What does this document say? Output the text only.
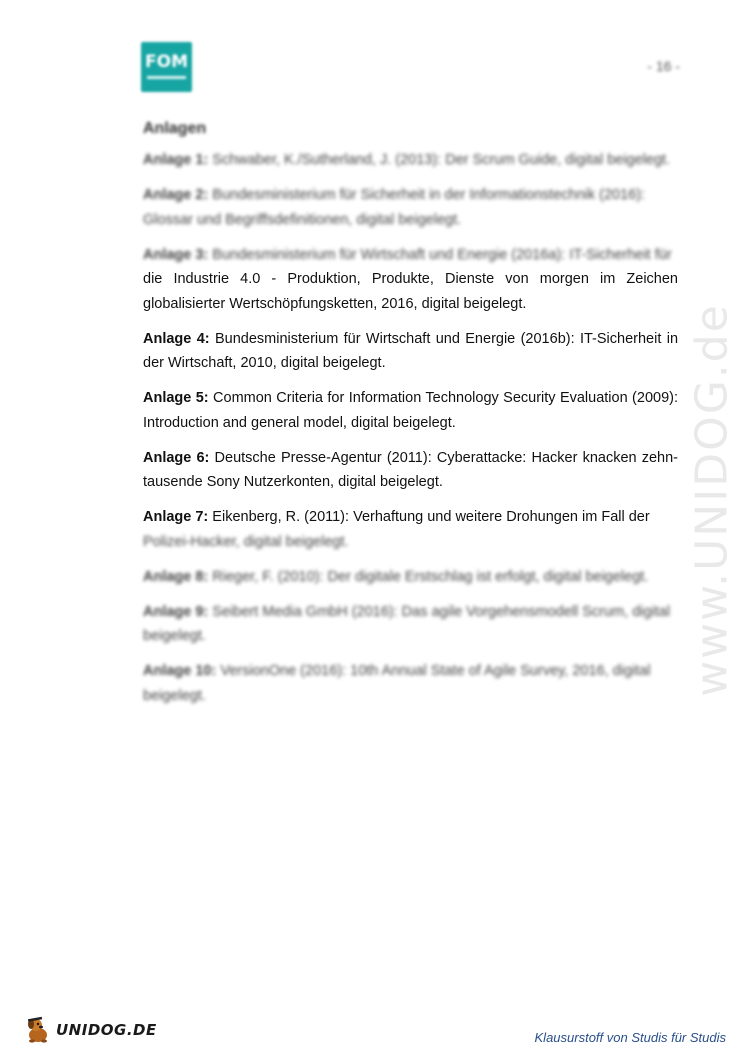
FOM	- 16 -
Anlagen
Anlage 1: Schwaber, K./Sutherland, J. (2013): Der Scrum Guide, digital beigelegt.
Anlage 2: Bundesministerium für Sicherheit in der Informationstechnik (2016):
Glossar und Begriffsdefinitionen, digital beigelegt.
Anlage 3: Bundesministerium für Wirtschaft und Energie (2016a): IT-Sicherheit für
die Industrie 4.0 - Produktion, Produkte, Dienste von morgen im Zeichen globalisierter Wertschöpfungsketten, 2016, digital beigelegt.
Anlage 4: Bundesministerium für Wirtschaft und Energie (2016b): IT-Sicherheit in der Wirtschaft, 2010, digital beigelegt.
Anlage 5: Common Criteria for Information Technology Security Evaluation (2009): Introduction and general model, digital beigelegt.
Anlage 6: Deutsche Presse-Agentur (2011): Cyberattacke: Hacker knacken zehn-tausende Sony Nutzerkonten, digital beigelegt.
Anlage 7: Eikenberg, R. (2011): Verhaftung und weitere Drohungen im Fall der
Polizei-Hacker, digital beigelegt.
Anlage 8: Rieger, F. (2010): Der digitale Erstschlag ist erfolgt, digital beigelegt.
Anlage 9: Seibert Media GmbH (2016): Das agile Vorgehensmodell Scrum, digital
beigelegt.
Anlage 10: VersionOne (2016): 10th Annual State of Agile Survey, 2016, digital
beigelegt.	www.UNIDOG.de
UNIDOG.DE	Klausurstoff von Studis für Studis
